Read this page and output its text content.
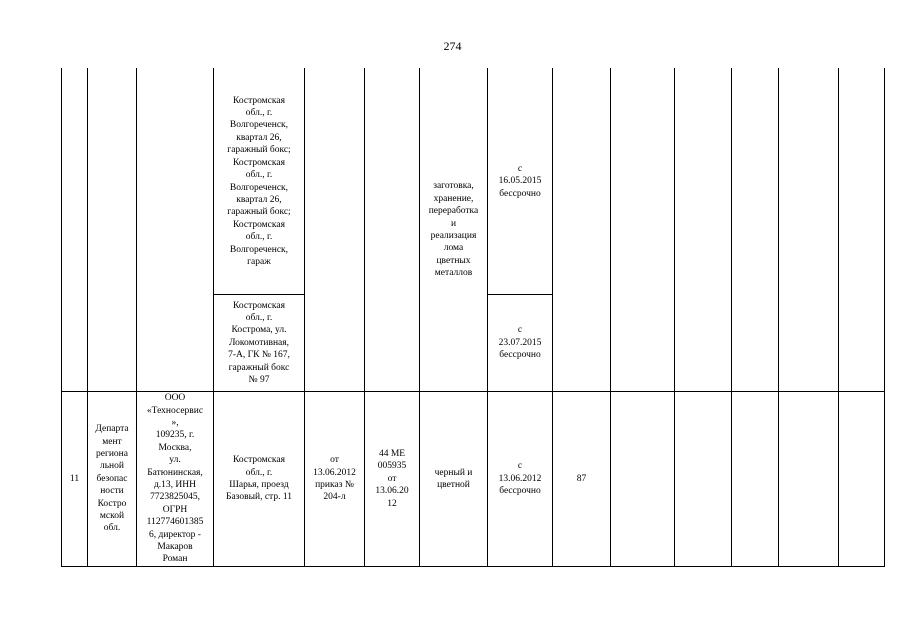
274
Костромская
обл., г.
Волгореченск,
квартал 26,
гаражный бокс;
Костромская
обл., г.
Волгореченск,
квартал 26,
гаражный бокс;
Костромская
обл., г.
Волгореченск,
гараж
Костромская
обл., г.
Кострома, ул.
Локомотивная,
7-А, ГК № 167,
гаражный бокс
№ 97
заготовка,
хранение,
переработка
и
реализация
лома
цветных
металлов
с
16.05.2015
бессрочно
с
23.07.2015
бессрочно
11
Департа
мент
региона
льной
безопас
ности
Костро
мской
обл.
ООО
«Техносервис
»,
109235, г.
Москва,
ул.
Батюнинская,
д.13, ИНН
7723825045,
ОГРН
112774601385
6, директор -
Макаров
Роман
Костромская
обл., г.
Шарья, проезд
Базовый, стр. 11
от
13.06.2012
приказ №
204-л
44 МЕ
005935
от
13.06.20
12
черный и
цветной
с
13.06.2012
бессрочно
87
